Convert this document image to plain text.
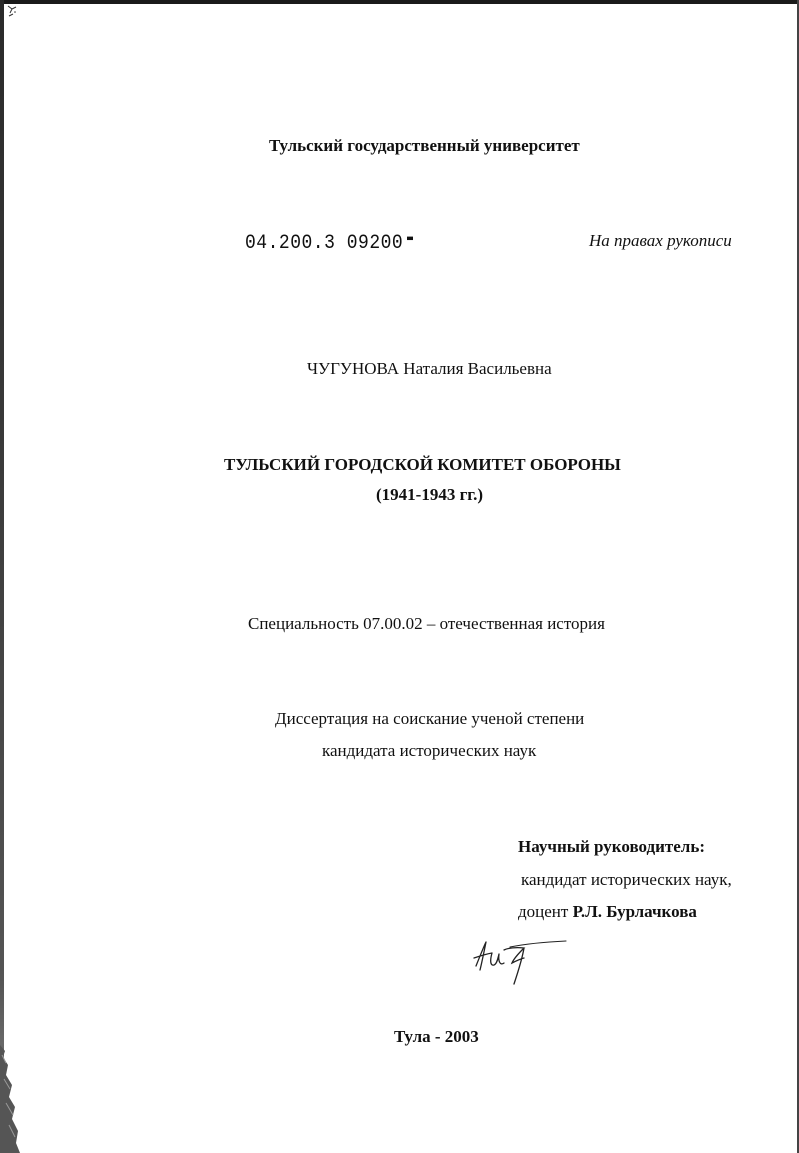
Тульский государственный университет
04.200.3 09200	На правах рукописи
ЧУГУНОВА Наталия Васильевна
ТУЛЬСКИЙ ГОРОДСКОЙ КОМИТЕТ ОБОРОНЫ
(1941-1943 гг.)
Специальность 07.00.02 – отечественная история
Диссертация на соискание ученой степени
кандидата исторических наук
Научный руководитель:
кандидат исторических наук,
доцент Р.Л. Бурлачкова
Тула - 2003
